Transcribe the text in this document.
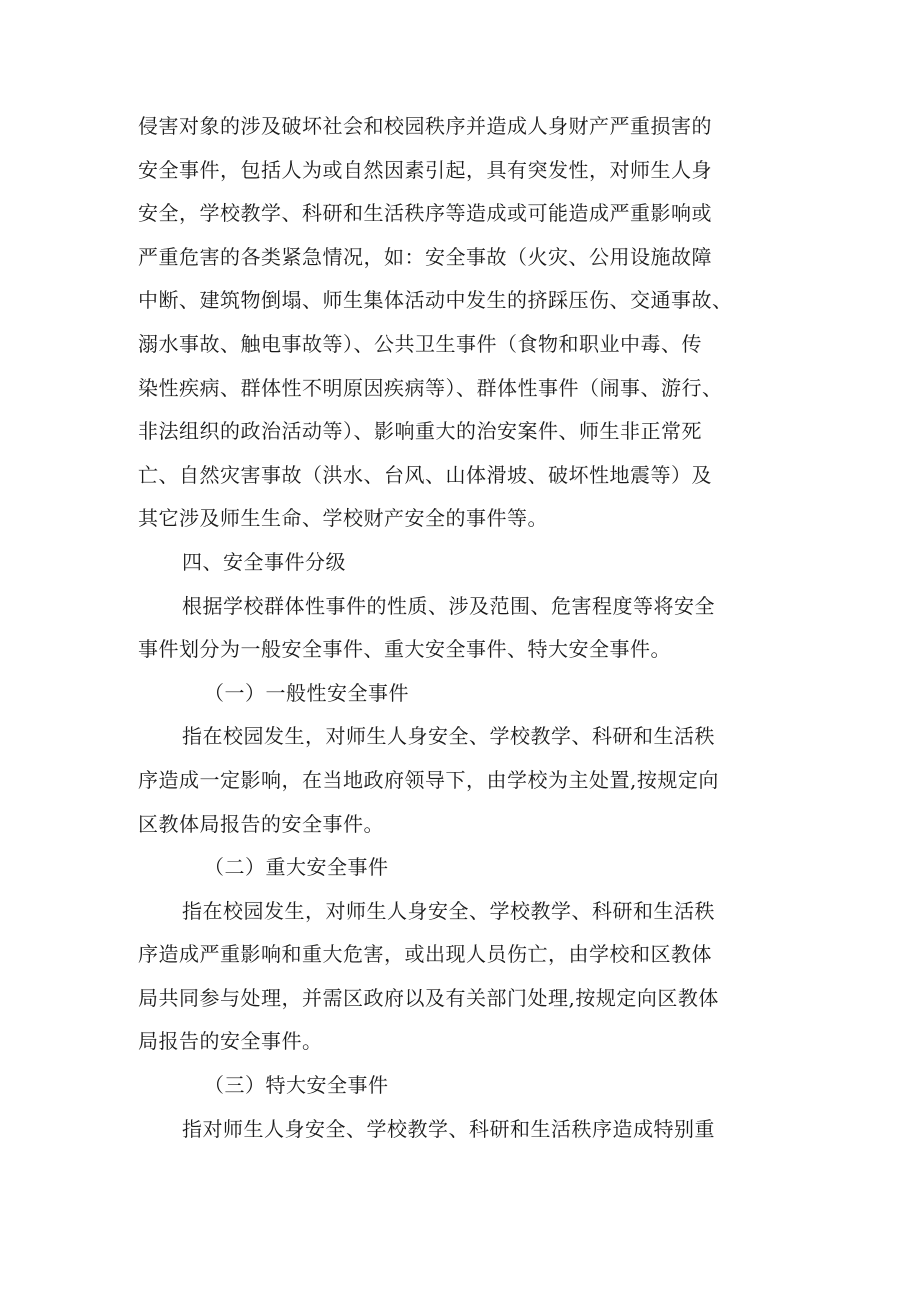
侵害对象的涉及破坏社会和校园秩序并造成人身财产严重损害的
安全事件，包括人为或自然因素引起，具有突发性，对师生人身
安全，学校教学、科研和生活秩序等造成或可能造成严重影响或
严重危害的各类紧急情况，如：安全事故（火灾、公用设施故障
中断、建筑物倒塌、师生集体活动中发生的挤踩压伤、交通事故、
溺水事故、触电事故等）、公共卫生事件（食物和职业中毒、传
染性疾病、群体性不明原因疾病等）、群体性事件（闹事、游行、
非法组织的政治活动等）、影响重大的治安案件、师生非正常死
亡、自然灾害事故（洪水、台风、山体滑坡、破坏性地震等）及
其它涉及师生生命、学校财产安全的事件等。
四、安全事件分级
根据学校群体性事件的性质、涉及范围、危害程度等将安全
事件划分为一般安全事件、重大安全事件、特大安全事件。
（一）一般性安全事件
指在校园发生，对师生人身安全、学校教学、科研和生活秩
序造成一定影响，在当地政府领导下，由学校为主处置,按规定向
区教体局报告的安全事件。
（二）重大安全事件
指在校园发生，对师生人身安全、学校教学、科研和生活秩
序造成严重影响和重大危害，或出现人员伤亡，由学校和区教体
局共同参与处理，并需区政府以及有关部门处理,按规定向区教体
局报告的安全事件。
（三）特大安全事件
指对师生人身安全、学校教学、科研和生活秩序造成特别重
